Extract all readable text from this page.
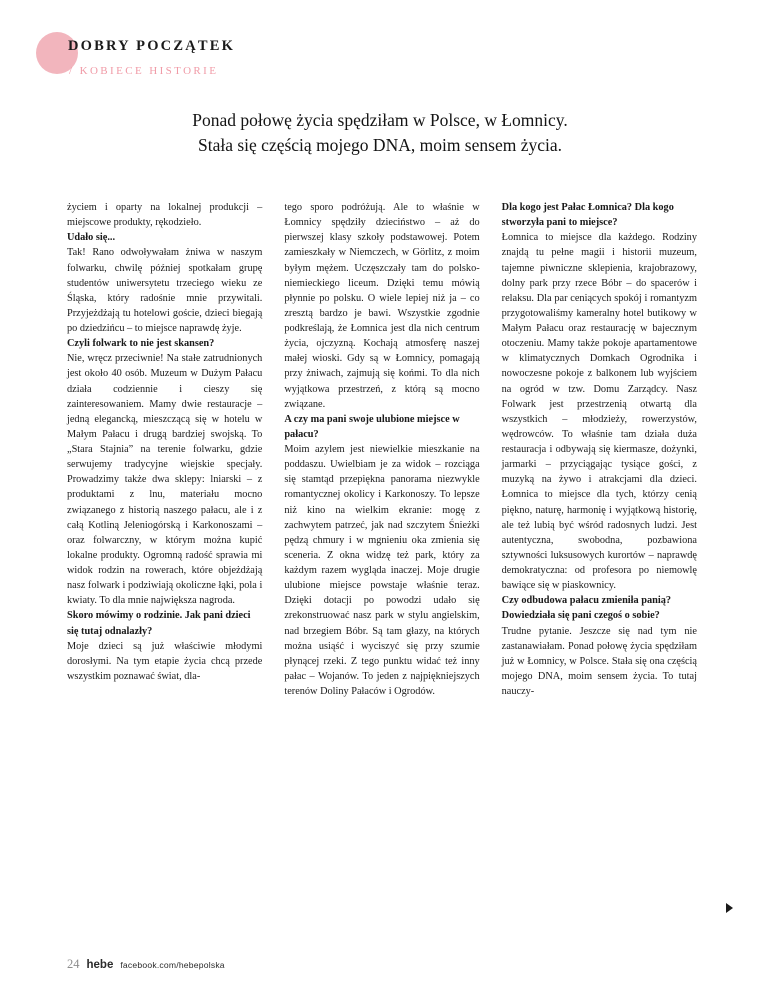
DOBRY POCZĄTEK
/ KOBIECE HISTORIE
Ponad połowę życia spędziłam w Polsce, w Łomnicy.
Stała się częścią mojego DNA, moim sensem życia.

życiem i oparty na lokalnej produkcji – miejscowe produkty, rękodzieło.

Udało się...

Tak! Rano odwoływałam żniwa w naszym folwarku, chwilę później spotkałam grupę studentów uniwersytetu trzeciego wieku ze Śląska, który radośnie mnie przywitali. Przyjeżdżają tu hotelowi goście, dzieci biegają po dziedzińcu – to miejsce naprawdę żyje.

Czyli folwark to nie jest skansen?

Nie, wręcz przeciwnie! Na stałe zatrudnionych jest około 40 osób. Muzeum w Dużym Pałacu działa codziennie i cieszy się zainteresowaniem. Mamy dwie restauracje – jedną elegancką, mieszczącą się w hotelu w Małym Pałacu i drugą bardziej swojską. To „Stara Stajnia” na terenie folwarku, gdzie serwujemy tradycyjne wiejskie specjały. Prowadzimy także dwa sklepy: lniarski – z produktami z lnu, materiału mocno związanego z historią naszego pałacu, ale i z całą Kotliną Jeleniogórską i Karkonoszami – oraz folwarczny, w którym można kupić lokalne produkty. Ogromną radość sprawia mi widok rodzin na rowerach, które objeżdżają nasz folwark i podziwiają okoliczne łąki, pola i kwiaty. To dla mnie największa nagroda.

Skoro mówimy o rodzinie. Jak pani dzieci się tutaj odnalazły?

Moje dzieci są już właściwie młodymi dorosłymi. Na tym etapie życia chcą przede wszystkim poznawać świat, dla-

tego sporo podróżują. Ale to właśnie w Łomnicy spędziły dzieciństwo – aż do pierwszej klasy szkoły podstawowej. Potem zamieszkały w Niemczech, w Görlitz, z moim byłym mężem. Uczęszczały tam do polsko-niemieckiego liceum. Dzięki temu mówią płynnie po polsku. O wiele lepiej niż ja – co zresztą bardzo je bawi. Wszystkie zgodnie podkreślają, że Łomnica jest dla nich centrum życia, ojczyzną. Kochają atmosferę naszej małej wioski. Gdy są w Łomnicy, pomagają przy żniwach, zajmują się końmi. To dla nich wyjątkowa przestrzeń, z którą są mocno związane.

A czy ma pani swoje ulubione miejsce w pałacu?

Moim azylem jest niewielkie mieszkanie na poddaszu. Uwielbiam je za widok – rozciąga się stamtąd przepiękna panorama niezwykle romantycznej okolicy i Karkonoszy. To lepsze niż kino na wielkim ekranie: mogę z zachwytem patrzeć, jak nad szczytem Śnieżki pędzą chmury i w mgnieniu oka zmienia się sceneria. Z okna widzę też park, który za każdym razem wygląda inaczej. Moje drugie ulubione miejsce powstaje właśnie teraz. Dzięki dotacji po powodzi udało się zrekonstruować nasz park w stylu angielskim, nad brzegiem Bóbr. Są tam głazy, na których można usiąść i wyciszyć się przy szumie płynącej rzeki. Z tego punktu widać też inny pałac – Wojanów. To jeden z najpiękniejszych terenów Doliny Pałaców i Ogrodów.

Dla kogo jest Pałac Łomnica? Dla kogo stworzyła pani to miejsce?

Łomnica to miejsce dla każdego. Rodziny znajdą tu pełne magii i historii muzeum, tajemne piwniczne sklepienia, krajobrazowy, dolny park przy rzece Bóbr – do spacerów i relaksu. Dla par ceniących spokój i romantyzm przygotowaliśmy kameralny hotel butikowy w Małym Pałacu oraz restaurację w bajecznym otoczeniu. Mamy także pokoje apartamentowe w klimatycznych Domkach Ogrodnika i nowoczesne pokoje z balkonem lub wyjściem na ogród w tzw. Domu Zarządcy. Nasz Folwark jest przestrzenią otwartą dla wszystkich – młodzieży, rowerzystów, wędrowców. To właśnie tam działa duża restauracja i odbywają się kiermasze, dożynki, jarmarki – przyciągając tysiące gości, z muzyką na żywo i atrakcjami dla dzieci. Łomnica to miejsce dla tych, którzy cenią piękno, naturę, harmonię i wyjątkową historię, ale też lubią być wśród radosnych ludzi. Jest autentyczna, swobodna, pozbawiona sztywności luksusowych kurortów – naprawdę demokratyczna: od profesora po niemowlę bawiące się w piaskownicy.

Czy odbudowa pałacu zmieniła panią? Dowiedziała się pani czegoś o sobie?

Trudne pytanie. Jeszcze się nad tym nie zastanawiałam. Ponad połowę życia spędziłam już w Łomnicy, w Polsce. Stała się ona częścią mojego DNA, moim sensem życia. To tutaj nauczy-

24 hebe facebook.com/hebepolska
